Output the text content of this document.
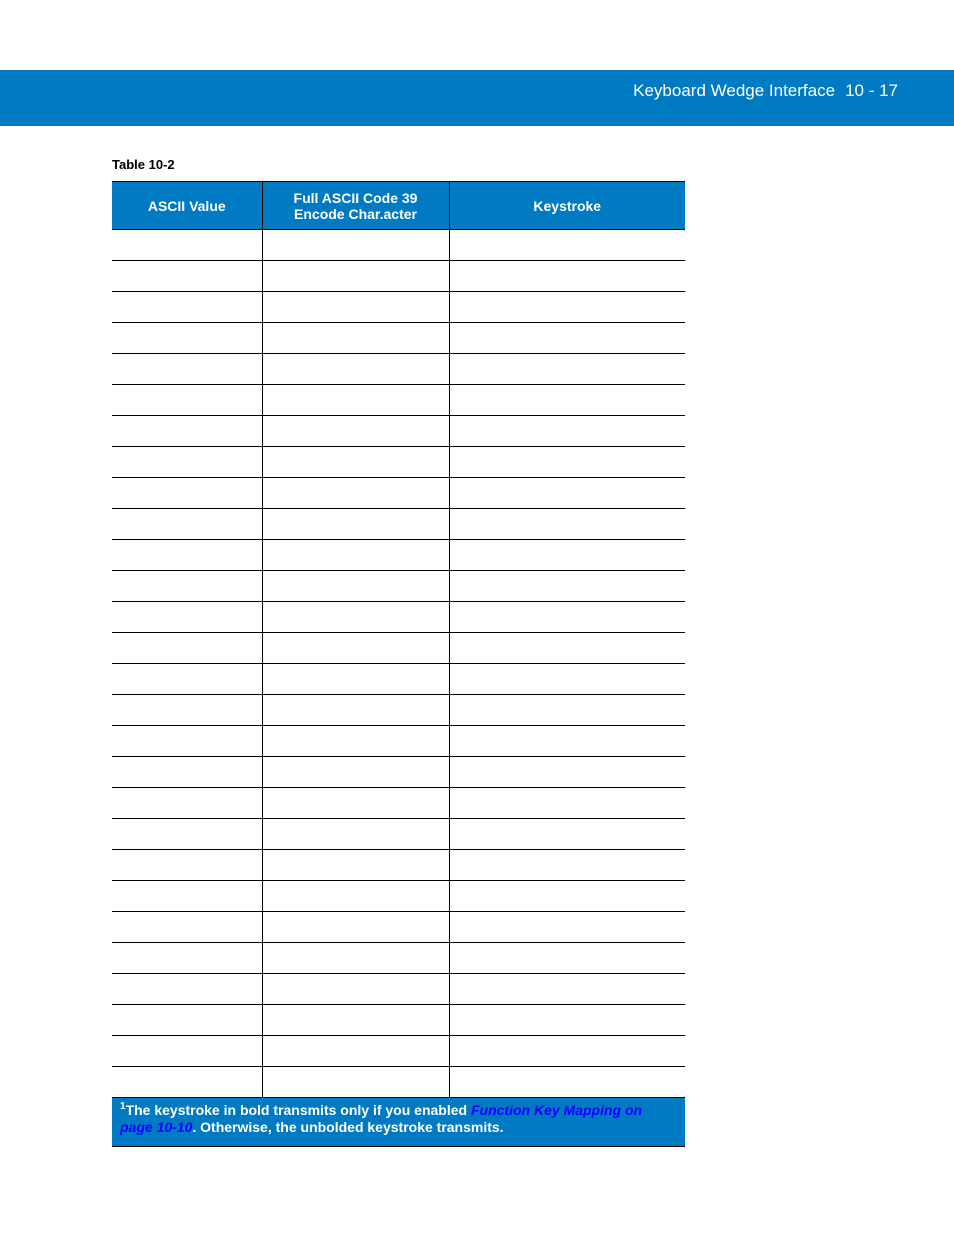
Keyboard Wedge Interface 10 - 17
Table 10-2
ASCII Value	Full ASCII Code 39 Encode Char.acter	Keystroke

$^1$The keystroke in bold transmits only if you enabled Function Key Mapping on page 10-10. Otherwise, the unbolded keystroke transmits.
